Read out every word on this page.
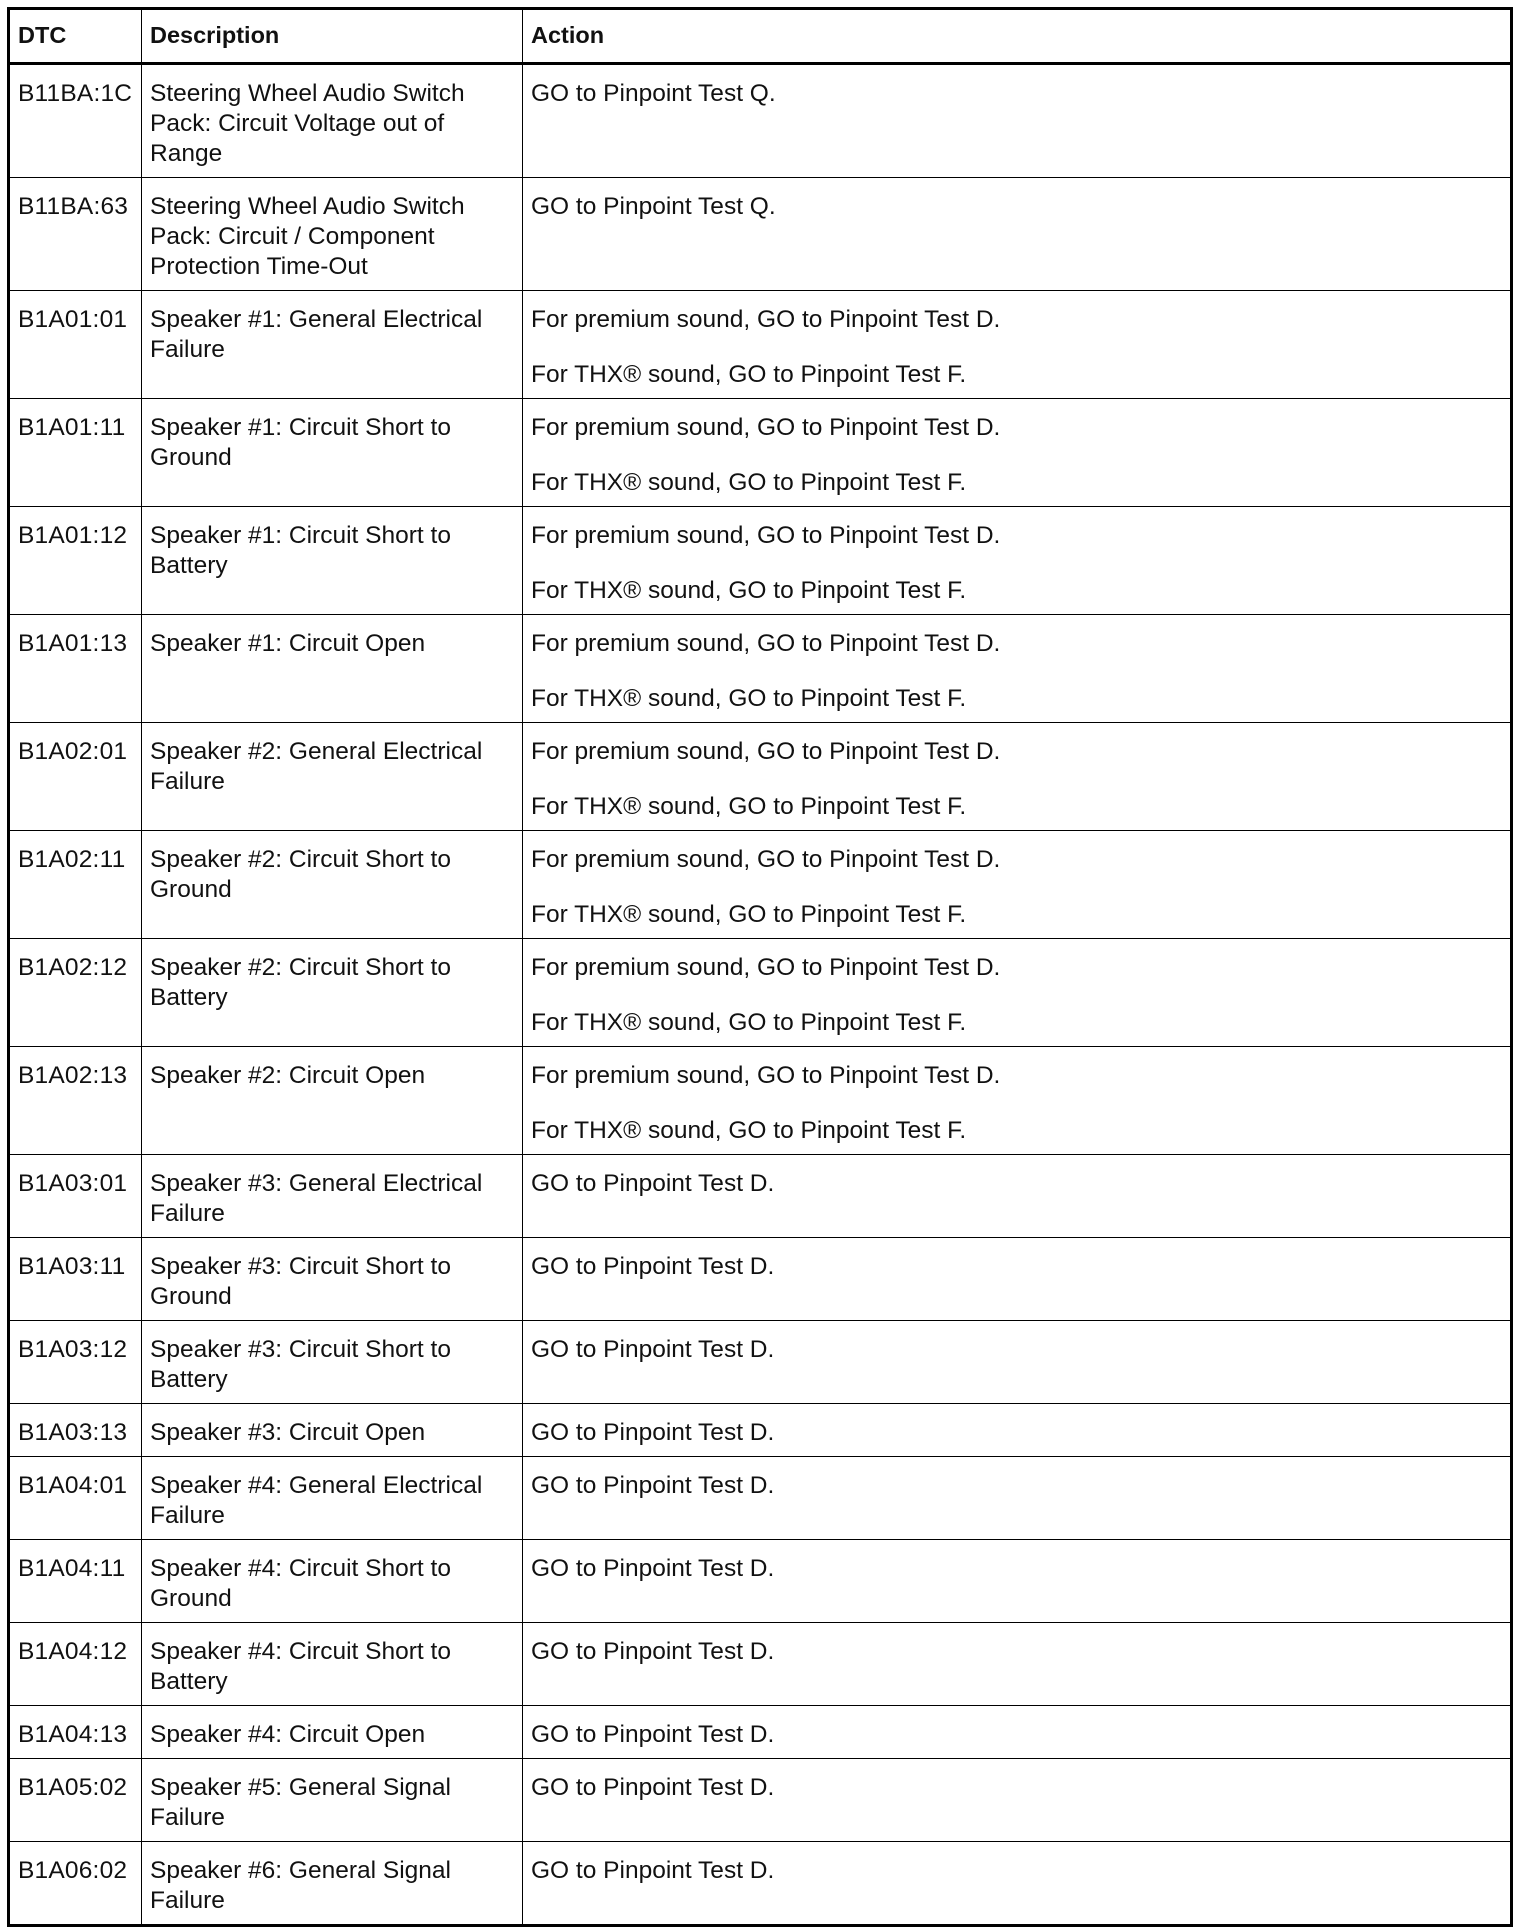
DTC	Description	Action
B11BA:1C	Steering Wheel Audio Switch Pack: Circuit Voltage out of Range	GO to Pinpoint Test Q.

B11BA:63	Steering Wheel Audio Switch Pack: Circuit / Component Protection Time-Out	GO to Pinpoint Test Q.

B1A01:01	Speaker #1: General Electrical Failure	For premium sound, GO to Pinpoint Test D.
For THX® sound, GO to Pinpoint Test F.

B1A01:11	Speaker #1: Circuit Short to Ground	For premium sound, GO to Pinpoint Test D.
For THX® sound, GO to Pinpoint Test F.

B1A01:12	Speaker #1: Circuit Short to Battery	For premium sound, GO to Pinpoint Test D.
For THX® sound, GO to Pinpoint Test F.

B1A01:13	Speaker #1: Circuit Open	For premium sound, GO to Pinpoint Test D.
For THX® sound, GO to Pinpoint Test F.

B1A02:01	Speaker #2: General Electrical Failure	For premium sound, GO to Pinpoint Test D.
For THX® sound, GO to Pinpoint Test F.

B1A02:11	Speaker #2: Circuit Short to Ground	For premium sound, GO to Pinpoint Test D.
For THX® sound, GO to Pinpoint Test F.

B1A02:12	Speaker #2: Circuit Short to Battery	For premium sound, GO to Pinpoint Test D.
For THX® sound, GO to Pinpoint Test F.

B1A02:13	Speaker #2: Circuit Open	For premium sound, GO to Pinpoint Test D.
For THX® sound, GO to Pinpoint Test F.

B1A03:01	Speaker #3: General Electrical Failure	GO to Pinpoint Test D.

B1A03:11	Speaker #3: Circuit Short to Ground	GO to Pinpoint Test D.

B1A03:12	Speaker #3: Circuit Short to Battery	GO to Pinpoint Test D.

B1A03:13	Speaker #3: Circuit Open	GO to Pinpoint Test D.

B1A04:01	Speaker #4: General Electrical Failure	GO to Pinpoint Test D.

B1A04:11	Speaker #4: Circuit Short to Ground	GO to Pinpoint Test D.

B1A04:12	Speaker #4: Circuit Short to Battery	GO to Pinpoint Test D.

B1A04:13	Speaker #4: Circuit Open	GO to Pinpoint Test D.

B1A05:02	Speaker #5: General Signal Failure	GO to Pinpoint Test D.

B1A06:02	Speaker #6: General Signal Failure	GO to Pinpoint Test D.
